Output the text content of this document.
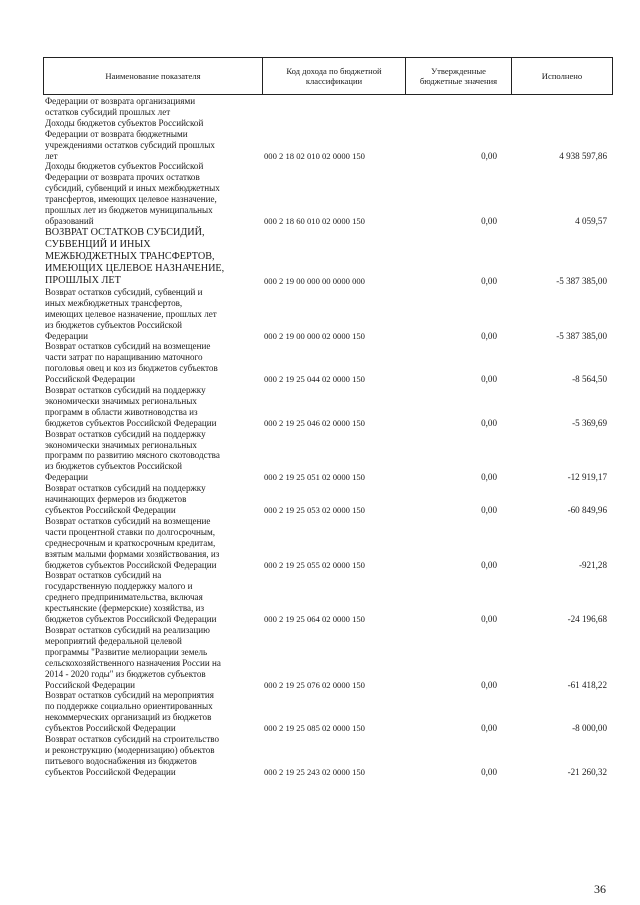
Наименование показателя	Код дохода по бюджетной классификации
Утвержденные бюджетные значения	Исполнено
Федерации от возврата организациями
остатков субсидий прошлых лет
Доходы бюджетов субъектов Российской
Федерации от возврата бюджетными
учреждениями остатков субсидий прошлых
лет	000 2 18 02 010 02 0000 150	0,00	4 938 597,86
Доходы бюджетов субъектов Российской
Федерации от возврата прочих остатков
субсидий, субвенций и иных межбюджетных
трансфертов, имеющих целевое назначение,
прошлых лет из бюджетов муниципальных
образований	000 2 18 60 010 02 0000 150	0,00	4 059,57
ВОЗВРАТ ОСТАТКОВ СУБСИДИЙ,
СУБВЕНЦИЙ И ИНЫХ
МЕЖБЮДЖЕТНЫХ ТРАНСФЕРТОВ,
ИМЕЮЩИХ ЦЕЛЕВОЕ НАЗНАЧЕНИЕ,
ПРОШЛЫХ ЛЕТ	000 2 19 00 000 00 0000 000	0,00	-5 387 385,00
Возврат остатков субсидий, субвенций и
иных межбюджетных трансфертов,
имеющих целевое назначение, прошлых лет
из бюджетов субъектов Российской
Федерации	000 2 19 00 000 02 0000 150	0,00	-5 387 385,00
Возврат остатков субсидий на возмещение
части затрат по наращиванию маточного
поголовья овец и коз из бюджетов субъектов
Российской Федерации	000 2 19 25 044 02 0000 150	0,00	-8 564,50
Возврат остатков субсидий на поддержку
экономически значимых региональных
программ в области животноводства из
бюджетов субъектов Российской Федерации	000 2 19 25 046 02 0000 150	0,00	-5 369,69
Возврат остатков субсидий на поддержку
экономически значимых региональных
программ по развитию мясного скотоводства
из бюджетов субъектов Российской
Федерации	000 2 19 25 051 02 0000 150	0,00	-12 919,17
Возврат остатков субсидий на поддержку
начинающих фермеров из бюджетов
субъектов Российской Федерации	000 2 19 25 053 02 0000 150	0,00	-60 849,96
Возврат остатков субсидий на возмещение
части процентной ставки по долгосрочным,
среднесрочным и краткосрочным кредитам,
взятым малыми формами хозяйствования, из
бюджетов субъектов Российской Федерации	000 2 19 25 055 02 0000 150	0,00	-921,28
Возврат остатков субсидий на
государственную поддержку малого и
среднего предпринимательства, включая
крестьянские (фермерские) хозяйства, из
бюджетов субъектов Российской Федерации	000 2 19 25 064 02 0000 150	0,00	-24 196,68
Возврат остатков субсидий на реализацию
мероприятий федеральной целевой
программы "Развитие мелиорации земель
сельскохозяйственного назначения России на
2014 - 2020 годы" из бюджетов субъектов
Российской Федерации	000 2 19 25 076 02 0000 150	0,00	-61 418,22
Возврат остатков субсидий на мероприятия
по поддержке социально ориентированных
некоммерческих организаций из бюджетов
субъектов Российской Федерации	000 2 19 25 085 02 0000 150	0,00	-8 000,00
Возврат остатков субсидий на строительство
и реконструкцию (модернизацию) объектов
питьевого водоснабжения из бюджетов
субъектов Российской Федерации	000 2 19 25 243 02 0000 150	0,00	-21 260,32
36
